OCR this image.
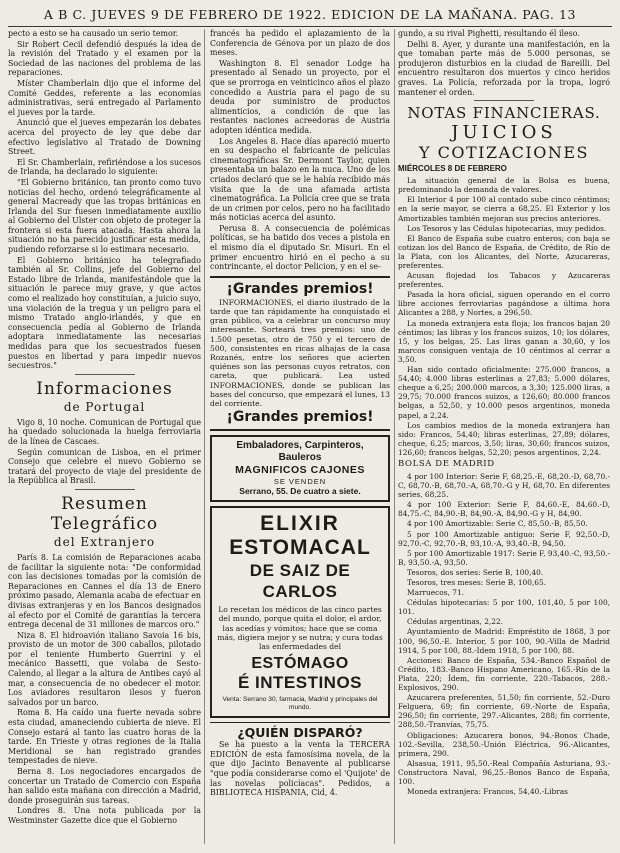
A B C. JUEVES 9 DE FEBRERO DE 1922. EDICION DE LA MAÑANA. PAG. 13

pecto a esto se ha causado un serio temor.

Sir Robert Cecil defendió después la idea de la revisión del Tratado y el examen por la Sociedad de las naciones del problema de las reparaciones.

Míster Chamberlain dijo que el informe del Comité Geddes, referente a las economías administrativas, será entregado al Parlamento el jueves por la tarde.

Anunció que el jueves empezarán los debates acerca del proyecto de ley que debe dar efectivo legislativo al Tratado de Downing Street.

El Sr. Chamberlain, refiriéndose a los sucesos de Irlanda, ha declarado lo siguiente:

"El Gobierno británico, tan pronto como tuvo noticias del hecho, ordenó telegráficamente al general Macready que las tropas británicas en Irlanda del Sur fuesen inmediatamente auxilio al Gobierno del Ulster con objeto de proteger la frontera si esta fuera atacada. Hasta ahora la situación no ha parecido justificar esta medida, pudiendo reforzarse si lo estimara necesario.

El Gobierno británico ha telegrafiado también al Sr. Collins, jefe del Gobierno del Estado libre de Irlanda, manifestándole que la situación le parece muy grave, y que actos como el realizado hoy constituían, a juicio suyo, una violación de la tregua y un peligro para el mismo Tratado anglo-irlandés, y que en consecuencia pedía al Gobierno de Irlanda adoptara inmediatamente las necesarias medidas para que los secuestrados fuesen puestos en libertad y para impedir nuevos secuestros."

Informaciones
de Portugal

Vigo 8, 10 noche. Comunican de Portugal que ha quedado solucionada la huelga ferroviaria de la línea de Cascaes.

Según comunican de Lisboa, en el primer Consejo que celebre el nuevo Gobierno se tratará del proyecto de viaje del presidente de la República al Brasil.

Resumen Telegráfico
del Extranjero

París 8. La comisión de Reparaciones acaba de facilitar la siguiente nota: "De conformidad con las decisiones tomadas por la comisión de Reparaciones en Cannes el día 13 de Enero próximo pasado, Alemania acaba de efectuar en divisas extranjeras y en los Bancos designados al efecto por el Comité de garantías la tercera entrega decenal de 31 millones de marcos oro."

Niza 8. El hidroavión italiano Savoia 16 bis, provisto de un motor de 300 caballos, pilotado por el teniente Humberto Guerrini y el mecánico Bassetti, que volaba de Sesto-Calendo, al llegar a la altura de Antibes cayó al mar, a consecuencia de no obedecer el motor. Los aviadores resultaron ilesos y fueron salvados por un barco.

Roma 8. Ha caído una fuerte nevada sobre esta ciudad, amaneciendo cubierta de nieve. El Consejo estará al tanto las cuatro horas de la tarde. En Trieste y otras regiones de la Italia Meridional se han registrado grandes tempestades de nieve.

Berna 8. Los negociadores encargados de concertar un Tratado de Comercio con España han salido esta mañana con dirección a Madrid, donde proseguirán sus tareas.

Londres 8. Una nota publicada por la Westminster Gazette dice que el Gobierno

francés ha pedido el aplazamiento de la Conferencia de Génova por un plazo de dos meses.

Washington 8. El senador Lodge ha presentado al Senado un proyecto, por el que se prorroga en veinticinco años el plazo concedido a Austria para el pago de su deuda por suministro de productos alimenticios, a condición de que las restantes naciones acreedoras de Austria adopten idéntica medida.

Los Angeles 8. Hace días apareció muerto en su despacho el fabricante de películas cinematográficas Sr. Dermont Taylor, quien presentaba un balazo en la nuca. Uno de los criados declaró que se le había recibido más visita que la de una afamada artista cinematográfica. La Policía cree que se trata de un crimen por celos, pero no ha facilitado más noticias acerca del asunto.

Perusa 8. A consecuencia de polémicas políticas, se ha batido dos veces a pistola en el mismo día el diputado Sr. Misuri. En el primer encuentro hirió en el pecho a su contrincante, el doctor Pelicion, y en el se-

¡Grandes premios!

INFORMACIONES, el diario ilustrado de la tarde que tan rápidamente ha conquistado el gran público, va a celebrar un concurso muy interesante. Sorteará tres premios: uno de 1.500 pesetas, otro de 750 y el tercero de 500, consistentes en ricas alhajas de la casa Rozanés, entre los señores que acierten quiénes son las personas cuyos retratos, con careta, que publicará. Lea usted INFORMACIONES, donde se publican las bases del concurso, que empezará el lunes, 13 del corriente.

¡Grandes premios!
Embaladores, Carpinteros,
Bauleros
MAGNIFICOS CAJONES
SE VENDEN
Serrano, 55. De cuatro a siete.
ELIXIR
ESTOMACAL
DE SAIZ DE CARLOS
Lo recetan los médicos de las cinco partes del mundo, porque quita el dolor, el ardor, las acedías y vómitos; hace que se coma más, digiera mejor y se nutra; y cura todas las enfermedades del
ESTÓMAGO
É INTESTINOS
Venta: Serrano 30, farmacia, Madrid y principales del mundo.
¿QUIÉN DISPARÓ?

Se ha puesto a la venta la TERCERA EDICIÓN de esta famosísima novela, de la que dijo Jacinto Benavente al publicarse "que podía considerarse como el 'Quijote' de las novelas policíacas". Pedidos, a BIBLIOTECA HISPANIA, Cid, 4.

gundo, a su rival Pighetti, resultando él ileso.

Delhi 8. Ayer, y durante una manifestación, en la que tomaban parte más de 5.000 personas, se produjeron disturbios en la ciudad de Bareilli. Del encuentro resultaron dos muertos y cinco heridos graves. La Policía, reforzada por la tropa, logró mantener el orden.

NOTAS FINANCIERAS.
JUICIOS
Y COTIZACIONES
MIÉRCOLES 8 DE FEBRERO

La situación general de la Bolsa es buena, predominando la demanda de valores.

El Interior 4 por 100 al contado sube cinco céntimos; en la serie mayor, se cierra a 68,25. El Exterior y los Amortizables también mejoran sus precios anteriores.

Los Tesoros y las Cédulas hipotecarias, muy pedidos.

El Banco de España sube cuatro enteros; con baja se cotizan los del Banco de España, de Crédito, de Río de la Plata, con los Alicantes, del Norte, Azucareras, preferentes.

Acusan flojedad los Tabacos y Azucareras preferentes.

Pasada la hora oficial, siguen operando en el corro libre acciones ferroviarias pagándose a última hora Alicantes a 288, y Nortes, a 296,50.

La moneda extranjera esta floja; los francos bajan 20 céntimos; las libras y los francos suizos, 10; los dólares, 15, y los belgas, 25. Las liras ganan a 30,60, y los marcos consiguen ventaja de 10 céntimos al cerrar a 3,50.

Han sido contado oficialmente: 275.000 francos, a 54,40; 4.000 libras esterlinas a 27,83; 5.000 dólares, cheque a 6,25; 200.000 marcos, a 3,30; 125.000 liras, a 29,75; 70.000 francos suizos, a 126,60; 80.000 francos belgas, a 52,50, y 10.000 pesos argentinos, moneda papel, a 2,24.

Los cambios medios de la moneda extranjera han sido: Francos, 54,40; libras esterlinas, 27,89; dólares, cheque, 6,25; marcos, 3,50; liras, 30,60; francos suizos, 126,60; francos belgas, 52,20; pesos argentinos, 2,24.

BOLSA DE MADRID

4 por 100 Interior: Serie F, 68,25.-E, 68,20.-D, 68,70.-C, 68,70.-B, 68,70.-A, 68,70.-G y H, 68,70. En diferentes series, 68,25.

4 por 100 Exterior: Serie F, 84,60.-E, 84,60.-D, 84,75.-C, 84,90.-B, 84,90.-A, 84,90.-G y H, 84,90.

4 por 100 Amortizable: Serie C, 85,50.-B, 85,50.

5 por 100 Amortizable antiguo: Serie F, 92,50.-D, 92,70.-C, 92,70.-B, 93,10.-A, 93,40.-B, 94,50.

5 por 100 Amortizable 1917: Serie F, 93,40.-C, 93,50.-B, 93,50.-A, 93,50.

Tesoros, dos series: Serie B, 100,40.

Tesoros, tres meses: Serie B, 100,65.

Marruecos, 71.

Cédulas hipotecarias: 5 por 100, 101,40, 5 por 100, 101.

Cédulas argentinas, 2,22.

Ayuntamiento de Madrid: Empréstito de 1868, 3 por 100, 96,50.-E. Interior, 5 por 100, 90.-Villa de Madrid 1914, 5 por 100, 88.-Idem 1918, 5 por 100, 88.

Acciones: Banco de España, 534.-Banco Español de Crédito, 183.-Banco Hispano Americano, 165.-Río de la Plata, 220; Ídem, fin corriente, 220.-Tabacos, 288.-Explosivos, 290.

Azucarera preferentes, 51,50; fin corriente, 52.-Duro Felguera, 69; fin corriente, 69.-Norte de España, 296,50; fin corriente, 297.-Alicantes, 288; fin corriente, 288,50.-Tranvías, 75,75.

Obligaciones: Azucarera bonos, 94.-Bonos Chade, 102.-Sevilla, 238,50.-Unión Eléctrica, 96.-Alicantes, primera, 290.

Alsasua, 1911, 95,50.-Real Compañía Asturiana, 93.-Constructora Naval, 96,25.-Bonos Banco de España, 100.

Moneda extranjera: Francos, 54,40.-Libras
